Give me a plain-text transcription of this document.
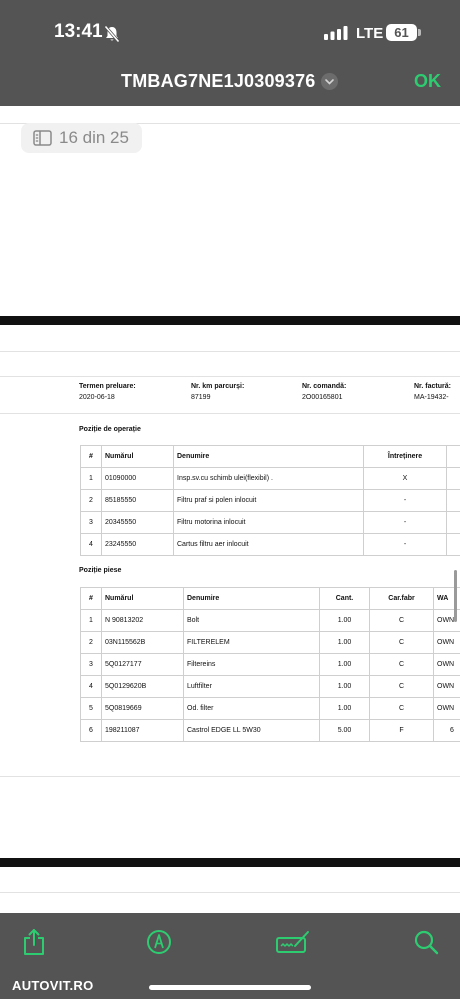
13:41	LTE 61
TMBAG7NE1J0309376	OK
16 din 25
Termen preluare:
2020-06-18
Nr. km parcurși:
87199
Nr. comandă:
2O00165801
Nr. factură:
MA-19432-
Poziție de operație
#	Numărul	Denumire	Întreținere	
1	01090000	Insp.sv.cu schimb ulei(flexibil) .	X	
2	85185550	Filtru praf si polen inlocuit	-	
3	20345550	Filtru motorina inlocuit	-	
4	23245550	Cartus filtru aer inlocuit	-	
Poziție piese
#	Numărul	Denumire	Cant.	Car.fabr	WA
1	N 90813202	Bolt	1.00	C	OWN
2	03N115562B	FILTERELEM	1.00	C	OWN
3	5Q0127177	Filtereins	1.00	C	OWN
4	5Q0129620B	Luftfilter	1.00	C	OWN
5	5Q0819669	Od. filter	1.00	C	OWN
6	198211087	Castrol EDGE LL 5W30	5.00	F	6
AUTOVIT.RO
